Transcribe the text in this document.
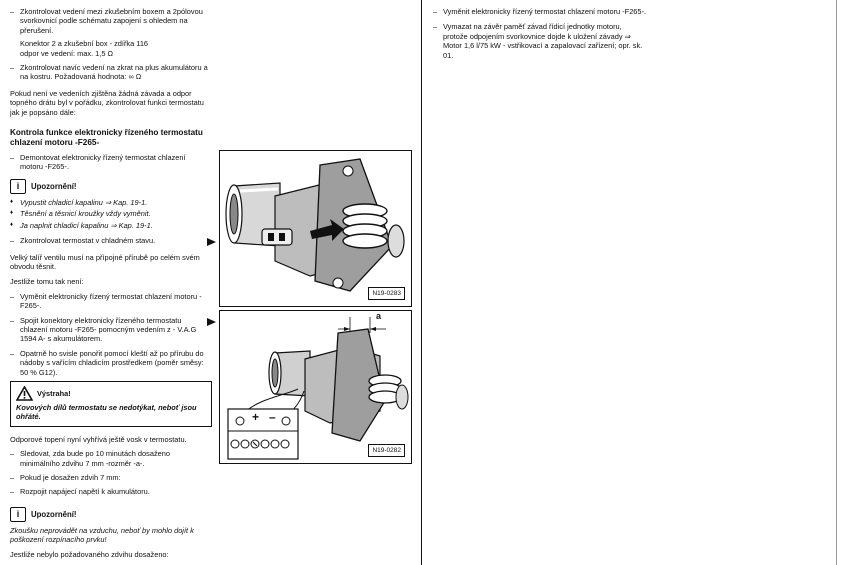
– Zkontrolovat vedení mezi zkušebním boxem a 2pólovou svorkovnicí podle schématu zapojení s ohledem na přerušení.
Konektor 2 a zkušební box - zdířka 116
odpor ve vedení: max. 1,5 Ω
– Zkontrolovat navíc vedení na zkrat na plus akumulátoru a na kostru. Požadovaná hodnota: ∞ Ω
Pokud není ve vedeních zjištěna žádná závada a odpor topného drátu byl v pořádku, zkontrolovat funkci termostatu jak je popsáno dále:
Kontrola funkce elektronicky řízeného termostatu chlazení motoru -F265-
– Demontovat elektronicky řízený termostat chlazení motoru -F265-.
i	Upozornění!
♦ Vypustit chladicí kapalinu ⇒ Kap. 19-1.
♦ Těsnění a těsnicí kroužky vždy vyměnit.
♦ Ja naplnit chladicí kapalinu ⇒ Kap. 19-1.
– Zkontrolovat termostat v chladném stavu.
Velký talíř ventilu musí na přípojné přírubě po celém svém obvodu těsnit.
Jestliže tomu tak není:
– Vyměnit elektronicky řízený termostat chlazení motoru -F265-.
– Spojit konektory elektronicky řízeného termostatu chlazení motoru -F265- pomocným vedením z - V.A.G 1594 A- s akumulátorem.
– Opatrně ho svisle ponořit pomocí kleští až po přírubu do nádoby s vařícím chladicím prostředkem (poměr směsy: 50 % G12).
Výstraha!
Kovových dílů termostatu se nedotýkat, neboť jsou ohřáté.
Odporové topení nyní vyhřívá ještě vosk v termostatu.
– Sledovat, zda bude po 10 minutách dosaženo minimálního zdvihu 7 mm -rozměr -a-.
– Pokud je dosažen zdvih 7 mm:
– Rozpojit napájecí napětí k akumulátoru.
i	Upozornění!
Zkoušku neprovádět na vzduchu, neboť by mohlo dojít k poškození rozpínacího prvku!
Jestliže nebylo požadovaného zdvihu dosaženo:
N19-0283
a
+ –
N19-0282
– Vyměnit elektronicky řízený termostat chlazení motoru -F265-.
– Vymazat na závěr paměť závad řídicí jednotky motoru, protože odpojením svorkovnice dojde k uložení závady ⇒ Motor 1,6 l/75 kW - vstřikovací a zapalovací zařízení; opr. sk. 01.
